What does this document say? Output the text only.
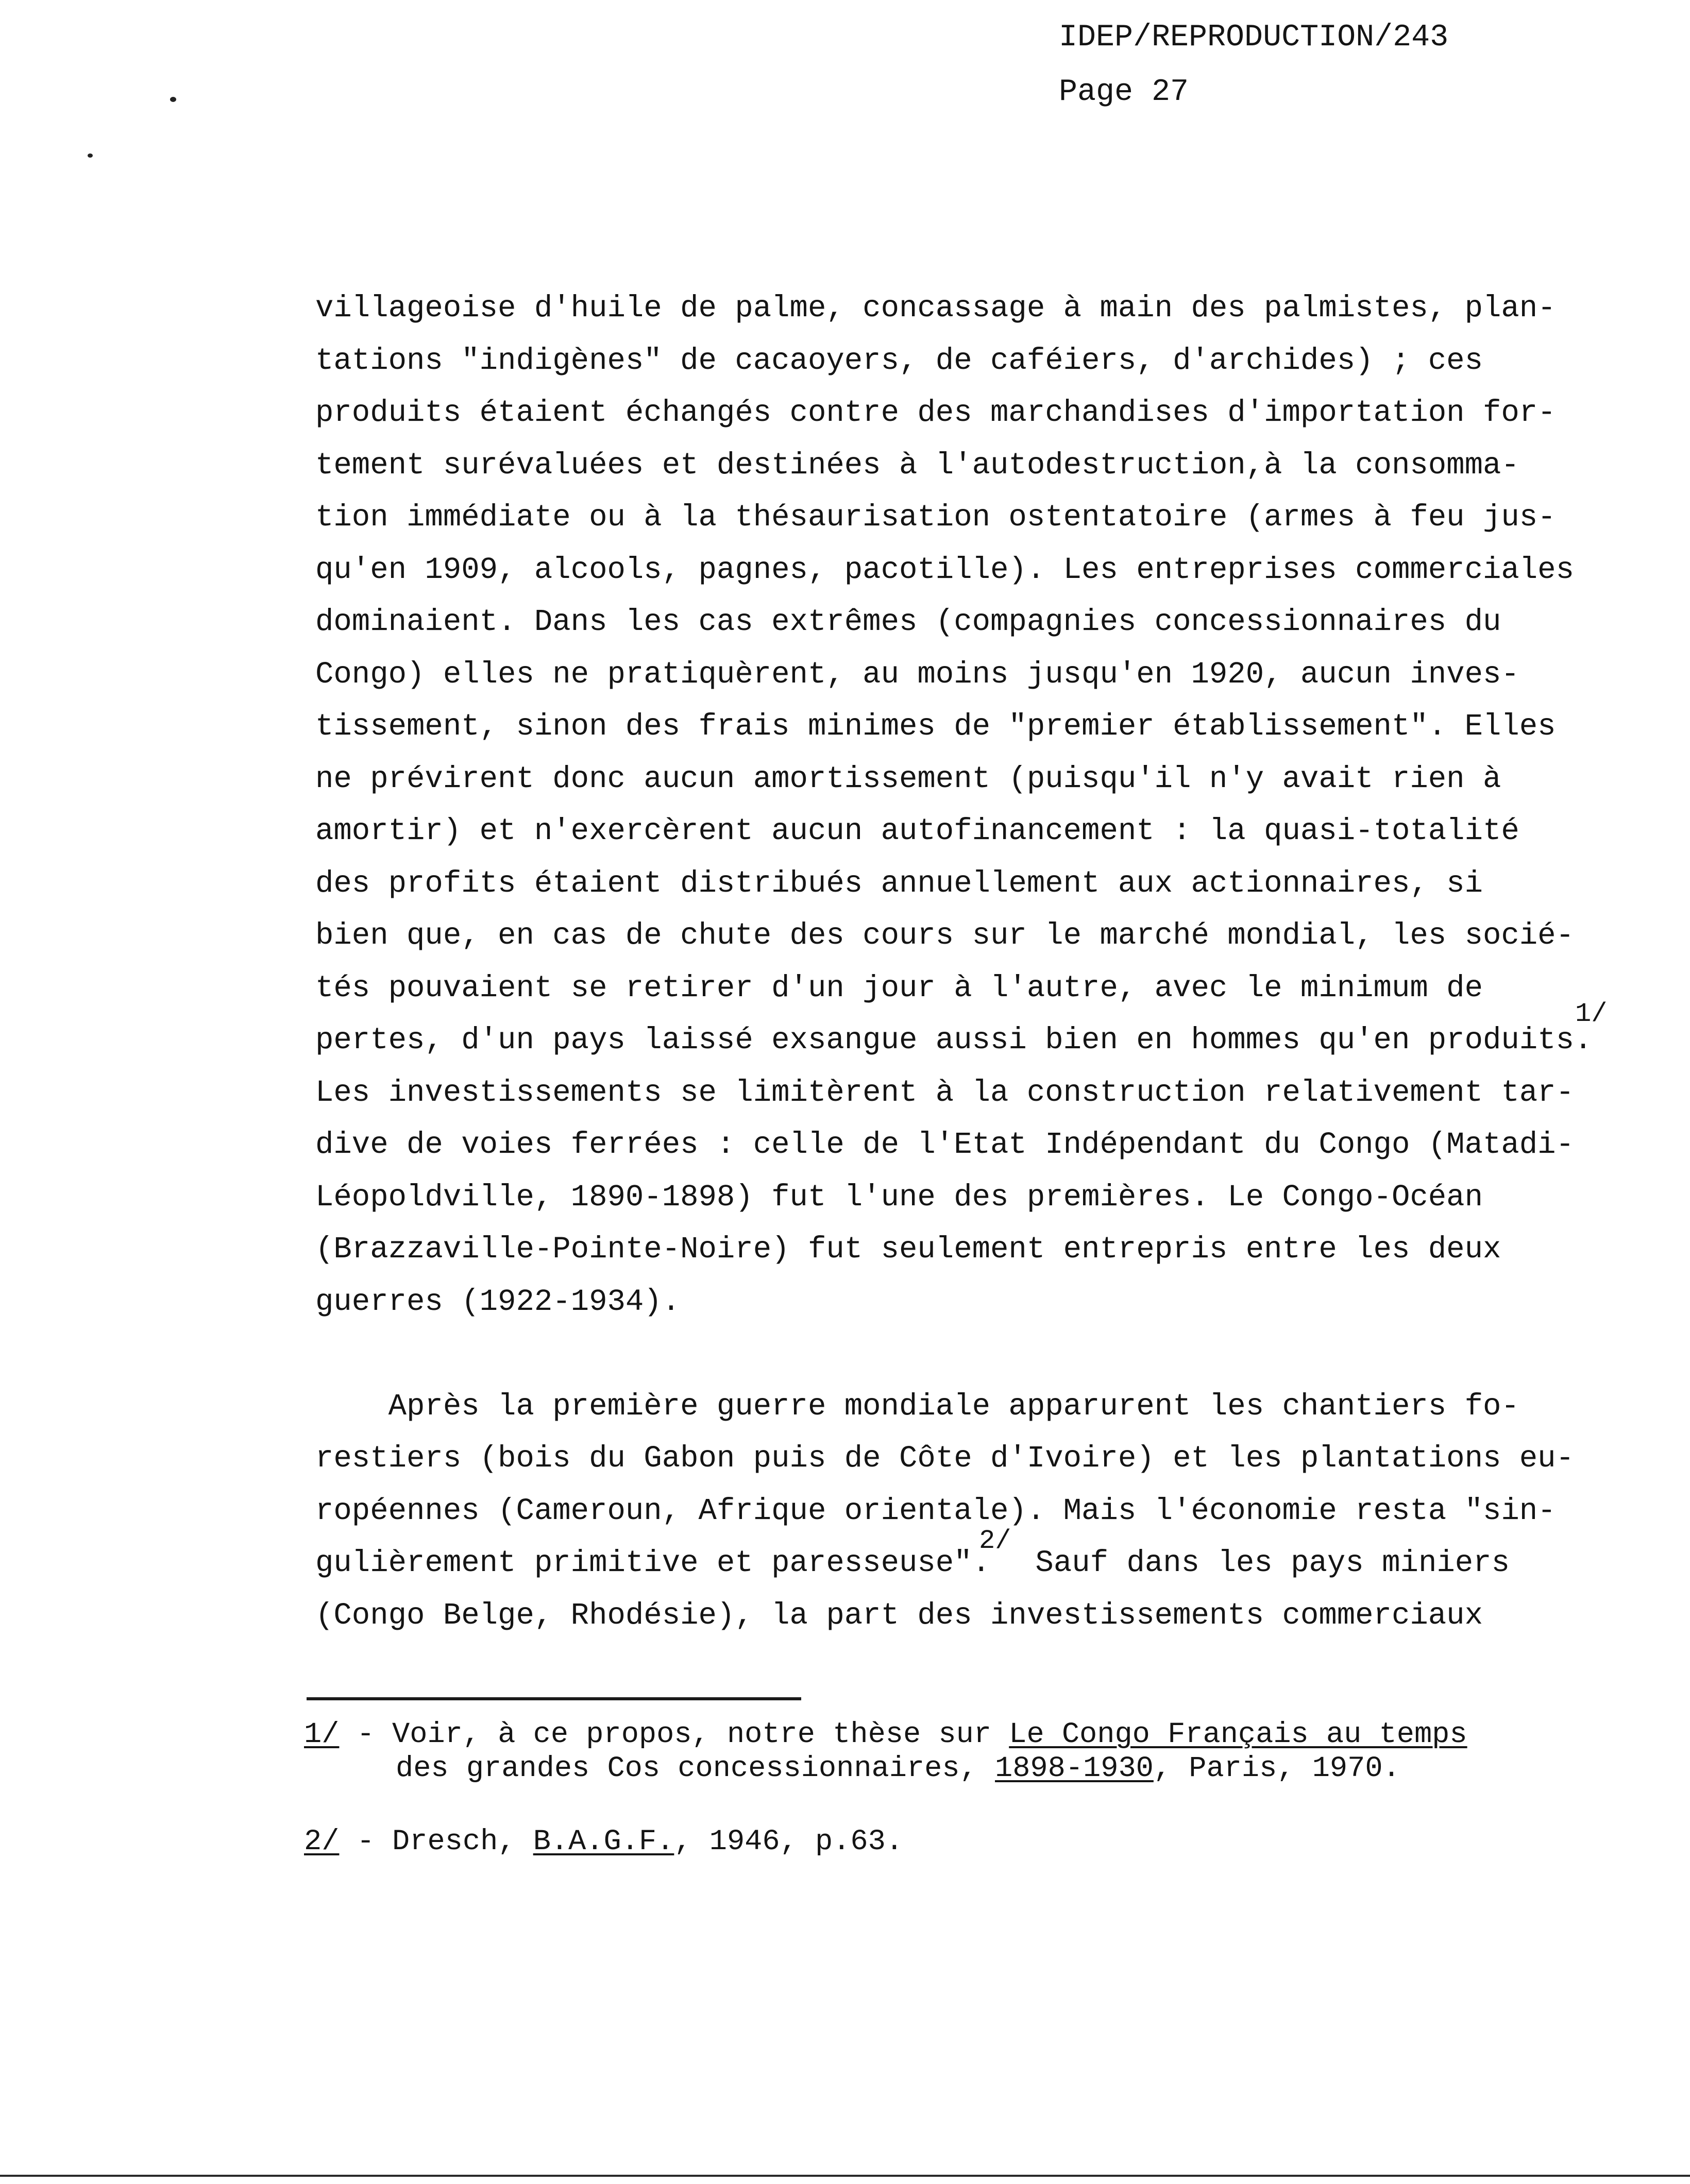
IDEP/REPRODUCTION/243
Page 27
villageoise d'huile de palme, concassage à main des palmistes, plan-
tations "indigènes" de cacaoyers, de caféiers, d'archides) ; ces
produits étaient échangés contre des marchandises d'importation for-
tement surévaluées et destinées à l'autodestruction,à la consomma-
tion immédiate ou à la thésaurisation ostentatoire (armes à feu jus-
qu'en 1909, alcools, pagnes, pacotille). Les entreprises commerciales
dominaient. Dans les cas extrêmes (compagnies concessionnaires du
Congo) elles ne pratiquèrent, au moins jusqu'en 1920, aucun inves-
tissement, sinon des frais minimes de "premier établissement". Elles
ne prévirent donc aucun amortissement (puisqu'il n'y avait rien à
amortir) et n'exercèrent aucun autofinancement : la quasi-totalité
des profits étaient distribués annuellement aux actionnaires, si
bien que, en cas de chute des cours sur le marché mondial, les socié-
tés pouvaient se retirer d'un jour à l'autre, avec le minimum de
pertes, d'un pays laissé exsangue aussi bien en hommes qu'en produits.
1/
Les investissements se limitèrent à la construction relativement tar-
dive de voies ferrées : celle de l'Etat Indépendant du Congo (Matadi-
Léopoldville, 1890-1898) fut l'une des premières. Le Congo-Océan
(Brazzaville-Pointe-Noire) fut seulement entrepris entre les deux
guerres (1922-1934).
Après la première guerre mondiale apparurent les chantiers fo-
restiers (bois du Gabon puis de Côte d'Ivoire) et les plantations eu-
ropéennes (Cameroun, Afrique orientale). Mais l'économie resta "sin-
gulièrement primitive et paresseuse".
2/
Sauf dans les pays miniers
(Congo Belge, Rhodésie), la part des investissements commerciaux
1/ - Voir, à ce propos, notre thèse sur Le Congo Français au temps
des grandes Cos concessionnaires, 1898-1930, Paris, 1970.
2/ - Dresch, B.A.G.F., 1946, p.63.
